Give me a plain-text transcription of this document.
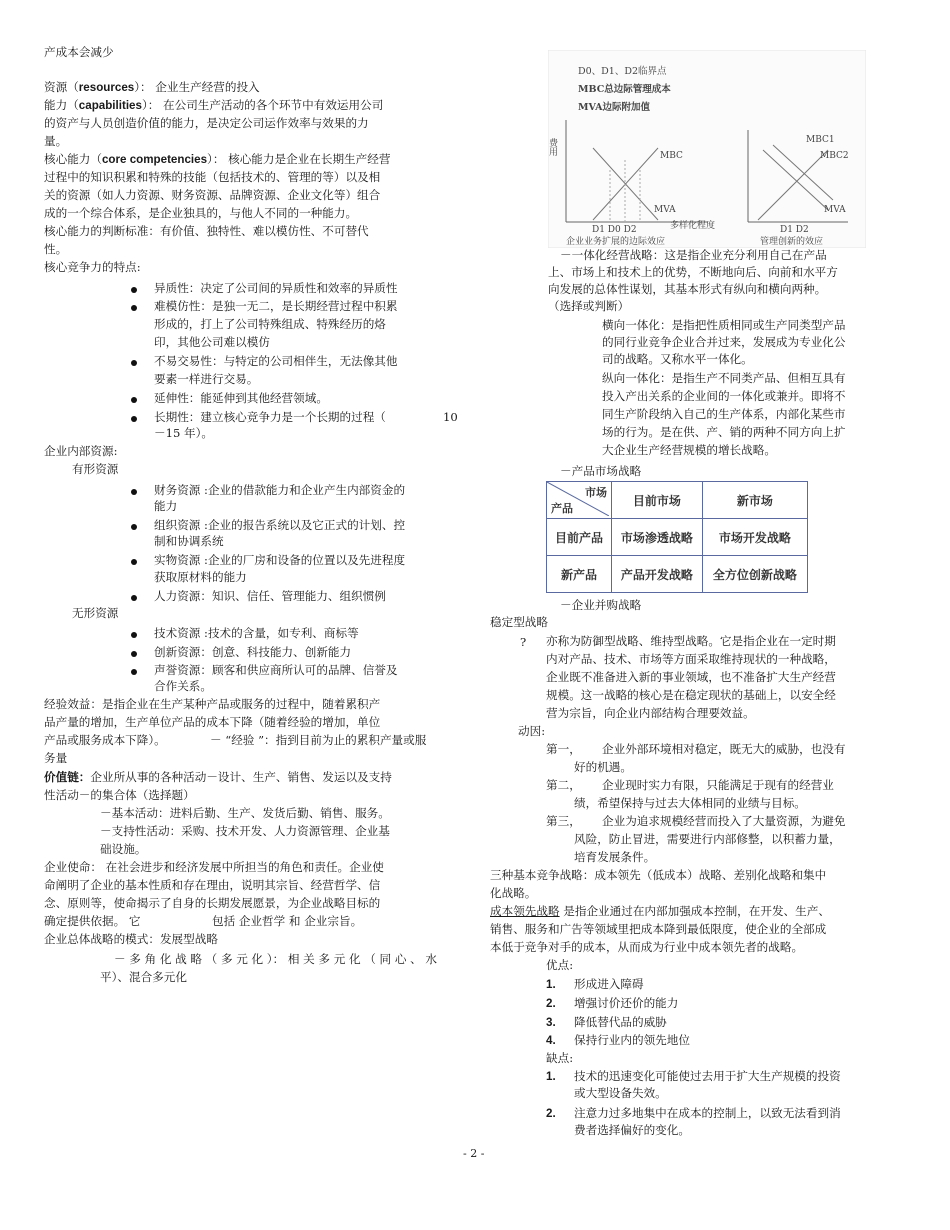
产成本会减少
资源（resources）： 企业生产经营的投入
能力（capabilities）： 在公司生产活动的各个环节中有效运用公司
的资产与人员创造价值的能力，是决定公司运作效率与效果的力
量。
核心能力（core competencies）： 核心能力是企业在长期生产经营
过程中的知识积累和特殊的技能（包括技术的、管理的等）以及相
关的资源（如人力资源、财务资源、品牌资源、企业文化等）组合
成的一个综合体系，是企业独具的，与他人不同的一种能力。
核心能力的判断标准：有价值、独特性、难以模仿性、不可替代
性。
核心竞争力的特点:
异质性：决定了公司间的异质性和效率的异质性
难模仿性：是独一无二，是长期经营过程中积累
形成的，打上了公司特殊组成、特殊经历的烙
印，其他公司难以模仿
不易交易性：与特定的公司相伴生，无法像其他
要素一样进行交易。
延伸性：能延伸到其他经营领域。
长期性：建立核心竞争力是一个长期的过程（	10
－15 年）。
企业内部资源:
有形资源
财务资源 :企业的借款能力和企业产生内部资金的
能力
组织资源 :企业的报告系统以及它正式的计划、控
制和协调系统
实物资源 :企业的厂房和设备的位置以及先进程度
获取原材料的能力
人力资源：知识、信任、管理能力、组织惯例
无形资源
技术资源 :技术的含量，如专利、商标等
创新资源：创意、科技能力、创新能力
声誉资源：顾客和供应商所认可的品牌、信誉及
合作关系。
经验效益：是指企业在生产某种产品或服务的过程中，随着累积产
品产量的增加，生产单位产品的成本下降（随着经验的增加，单位
产品或服务成本下降）。	－ “经验 ”：指到目前为止的累积产量或服
务量
价值链：企业所从事的各种活动－设计、生产、销售、发运以及支持
性活动－的集合体（选择题）
－基本活动：进料后勤、生产、发货后勤、销售、服务。
－支持性活动：采购、技术开发、人力资源管理、企业基
础设施。
企业使命： 在社会进步和经济发展中所担当的角色和责任。企业使
命阐明了企业的基本性质和存在理由，说明其宗旨、经营哲学、信
念、原则等，使命揭示了自身的长期发展愿景，为企业战略目标的
确定提供依据。 它	包括 企业哲学 和 企业宗旨。
企业总体战略的模式：发展型战略
－ 多 角 化 战 略 （ 多 元 化 ）： 相 关 多 元 化 （ 同 心 、 水
平）、混合多元化
D0、D1、D2临界点
MBC总边际管理成本
MVA边际附加值
费用	MBC
MVA
D1 D0 D2	多样化程度
企业业务扩展的边际效应
MBC1
MBC2
MVA
D1 D2
管理创新的效应
－一体化经营战略：这是指企业充分利用自己在产品
上、市场上和技术上的优势，不断地向后、向前和水平方
向发展的总体性谋划，其基本形式有纵向和横向两种。
（选择或判断）
横向一体化：是指把性质相同或生产同类型产品
的同行业竞争企业合并过来，发展成为专业化公
司的战略。又称水平一体化。
纵向一体化：是指生产不同类产品、但相互具有
投入产出关系的企业间的一体化或兼并。即将不
同生产阶段纳入自己的生产体系，内部化某些市
场的行为。是在供、产、销的两种不同方向上扩
大企业生产经营规模的增长战略。
－产品市场战略
市场
产品	目前市场	新市场
目前产品	市场渗透战略	市场开发战略
新产品	产品开发战略	全方位创新战略
－企业并购战略
稳定型战略
? 亦称为防御型战略、维持型战略。它是指企业在一定时期
内对产品、技术、市场等方面采取维持现状的一种战略，
企业既不准备进入新的事业领域，也不准备扩大生产经营
规模。这一战略的核心是在稳定现状的基础上，以安全经
营为宗旨，向企业内部结构合理要效益。
动因:
第一， 企业外部环境相对稳定，既无大的威胁，也没有
好的机遇。
第二， 企业现时实力有限，只能满足于现有的经营业
绩，希望保持与过去大体相同的业绩与目标。
第三， 企业为追求规模经营而投入了大量资源，为避免
风险，防止冒进，需要进行内部修整，以积蓄力量，
培育发展条件。
三种基本竞争战略：成本领先（低成本）战略、差别化战略和集中
化战略。
成本领先战略 是指企业通过在内部加强成本控制，在开发、生产、
销售、服务和广告等领域里把成本降到最低限度，使企业的全部成
本低于竞争对手的成本，从而成为行业中成本领先者的战略。
优点:
1. 形成进入障碍
2. 增强讨价还价的能力
3. 降低替代品的威胁
4. 保持行业内的领先地位
缺点:
1. 技术的迅速变化可能使过去用于扩大生产规模的投资
或大型设备失效。
2. 注意力过多地集中在成本的控制上，以致无法看到消
费者选择偏好的变化。
- 2 -
